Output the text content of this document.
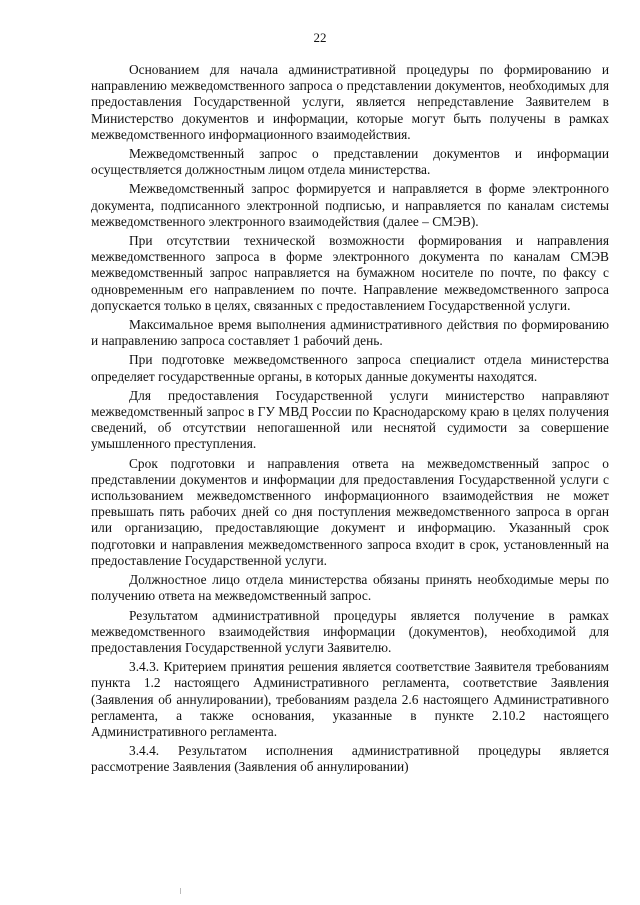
22

Основанием для начала административной процедуры по формированию и направлению межведомственного запроса о представлении документов, необходимых для предоставления Государственной услуги, является непредставление Заявителем в Министерство документов и информации, которые могут быть получены в рамках межведомственного информационного взаимодействия.

Межведомственный запрос о представлении документов и информации осуществляется должностным лицом отдела министерства.

Межведомственный запрос формируется и направляется в форме электронного документа, подписанного электронной подписью, и направляется по каналам системы межведомственного электронного взаимодействия (далее – СМЭВ).

При отсутствии технической возможности формирования и направления межведомственного запроса в форме электронного документа по каналам СМЭВ межведомственный запрос направляется на бумажном носителе по почте, по факсу с одновременным его направлением по почте. Направление межведомственного запроса допускается только в целях, связанных с предоставлением Государственной услуги.

Максимальное время выполнения административного действия по формированию и направлению запроса составляет 1 рабочий день.

При подготовке межведомственного запроса специалист отдела министерства определяет государственные органы, в которых данные документы находятся.

Для предоставления Государственной услуги министерство направляют межведомственный запрос в ГУ МВД России по Краснодарскому краю в целях получения сведений, об отсутствии непогашенной или неснятой судимости за совершение умышленного преступления.

Срок подготовки и направления ответа на межведомственный запрос о представлении документов и информации для предоставления Государственной услуги с использованием межведомственного информационного взаимодействия не может превышать пять рабочих дней со дня поступления межведомственного запроса в орган или организацию, предоставляющие документ и информацию. Указанный срок подготовки и направления межведомственного запроса входит в срок, установленный на предоставление Государственной услуги.

Должностное лицо отдела министерства обязаны принять необходимые меры по получению ответа на межведомственный запрос.

Результатом административной процедуры является получение в рамках межведомственного взаимодействия информации (документов), необходимой для предоставления Государственной услуги Заявителю.

3.4.3. Критерием принятия решения является соответствие Заявителя требованиям пункта 1.2 настоящего Административного регламента, соответствие Заявления (Заявления об аннулировании), требованиям раздела 2.6 настоящего Административного регламента, а также основания, указанные в пункте 2.10.2 настоящего Административного регламента.

3.4.4. Результатом исполнения административной процедуры является рассмотрение Заявления (Заявления об аннулировании)
